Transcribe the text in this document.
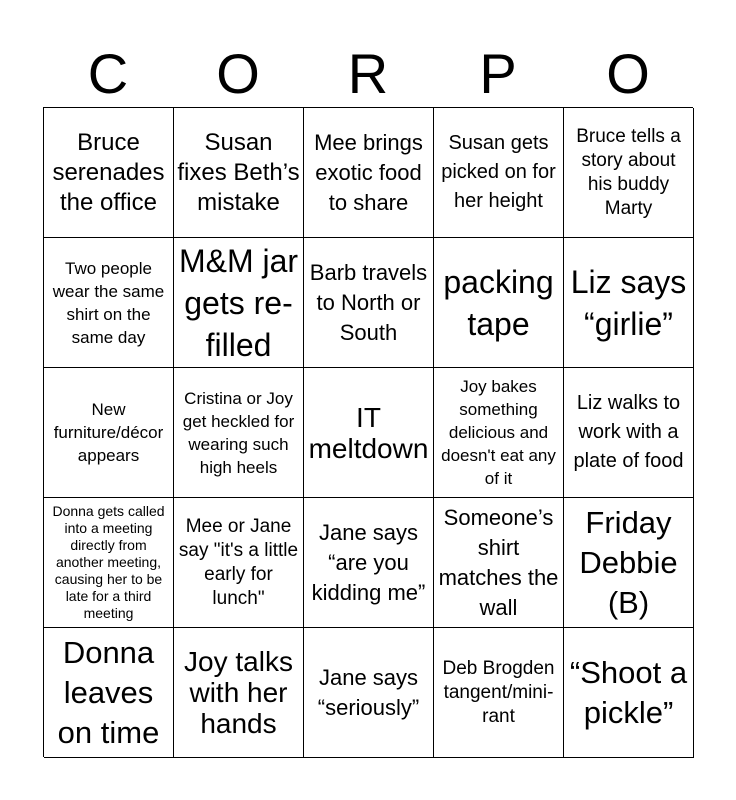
C	O	R	P	O
Bruce serenades the office
Susan fixes Beth’s mistake
Mee brings exotic food to share
Susan gets picked on for her height
Bruce tells a story about his buddy Marty
Two people wear the same shirt on the same day
M&M jar gets re-filled
Barb travels to North or South
packing tape
Liz says “girlie”
New furniture/décor appears
Cristina or Joy get heckled for wearing such high heels
IT meltdown
Joy bakes something delicious and doesn't eat any of it
Liz walks to work with a plate of food
Donna gets called into a meeting directly from another meeting, causing her to be late for a third meeting
Mee or Jane say "it's a little early for lunch"
Jane says “are you kidding me”
Someone’s shirt matches the wall
Friday Debbie (B)
Donna leaves on time
Joy talks with her hands
Jane says “seriously”
Deb Brogden tangent/mini-rant
“Shoot a pickle”
